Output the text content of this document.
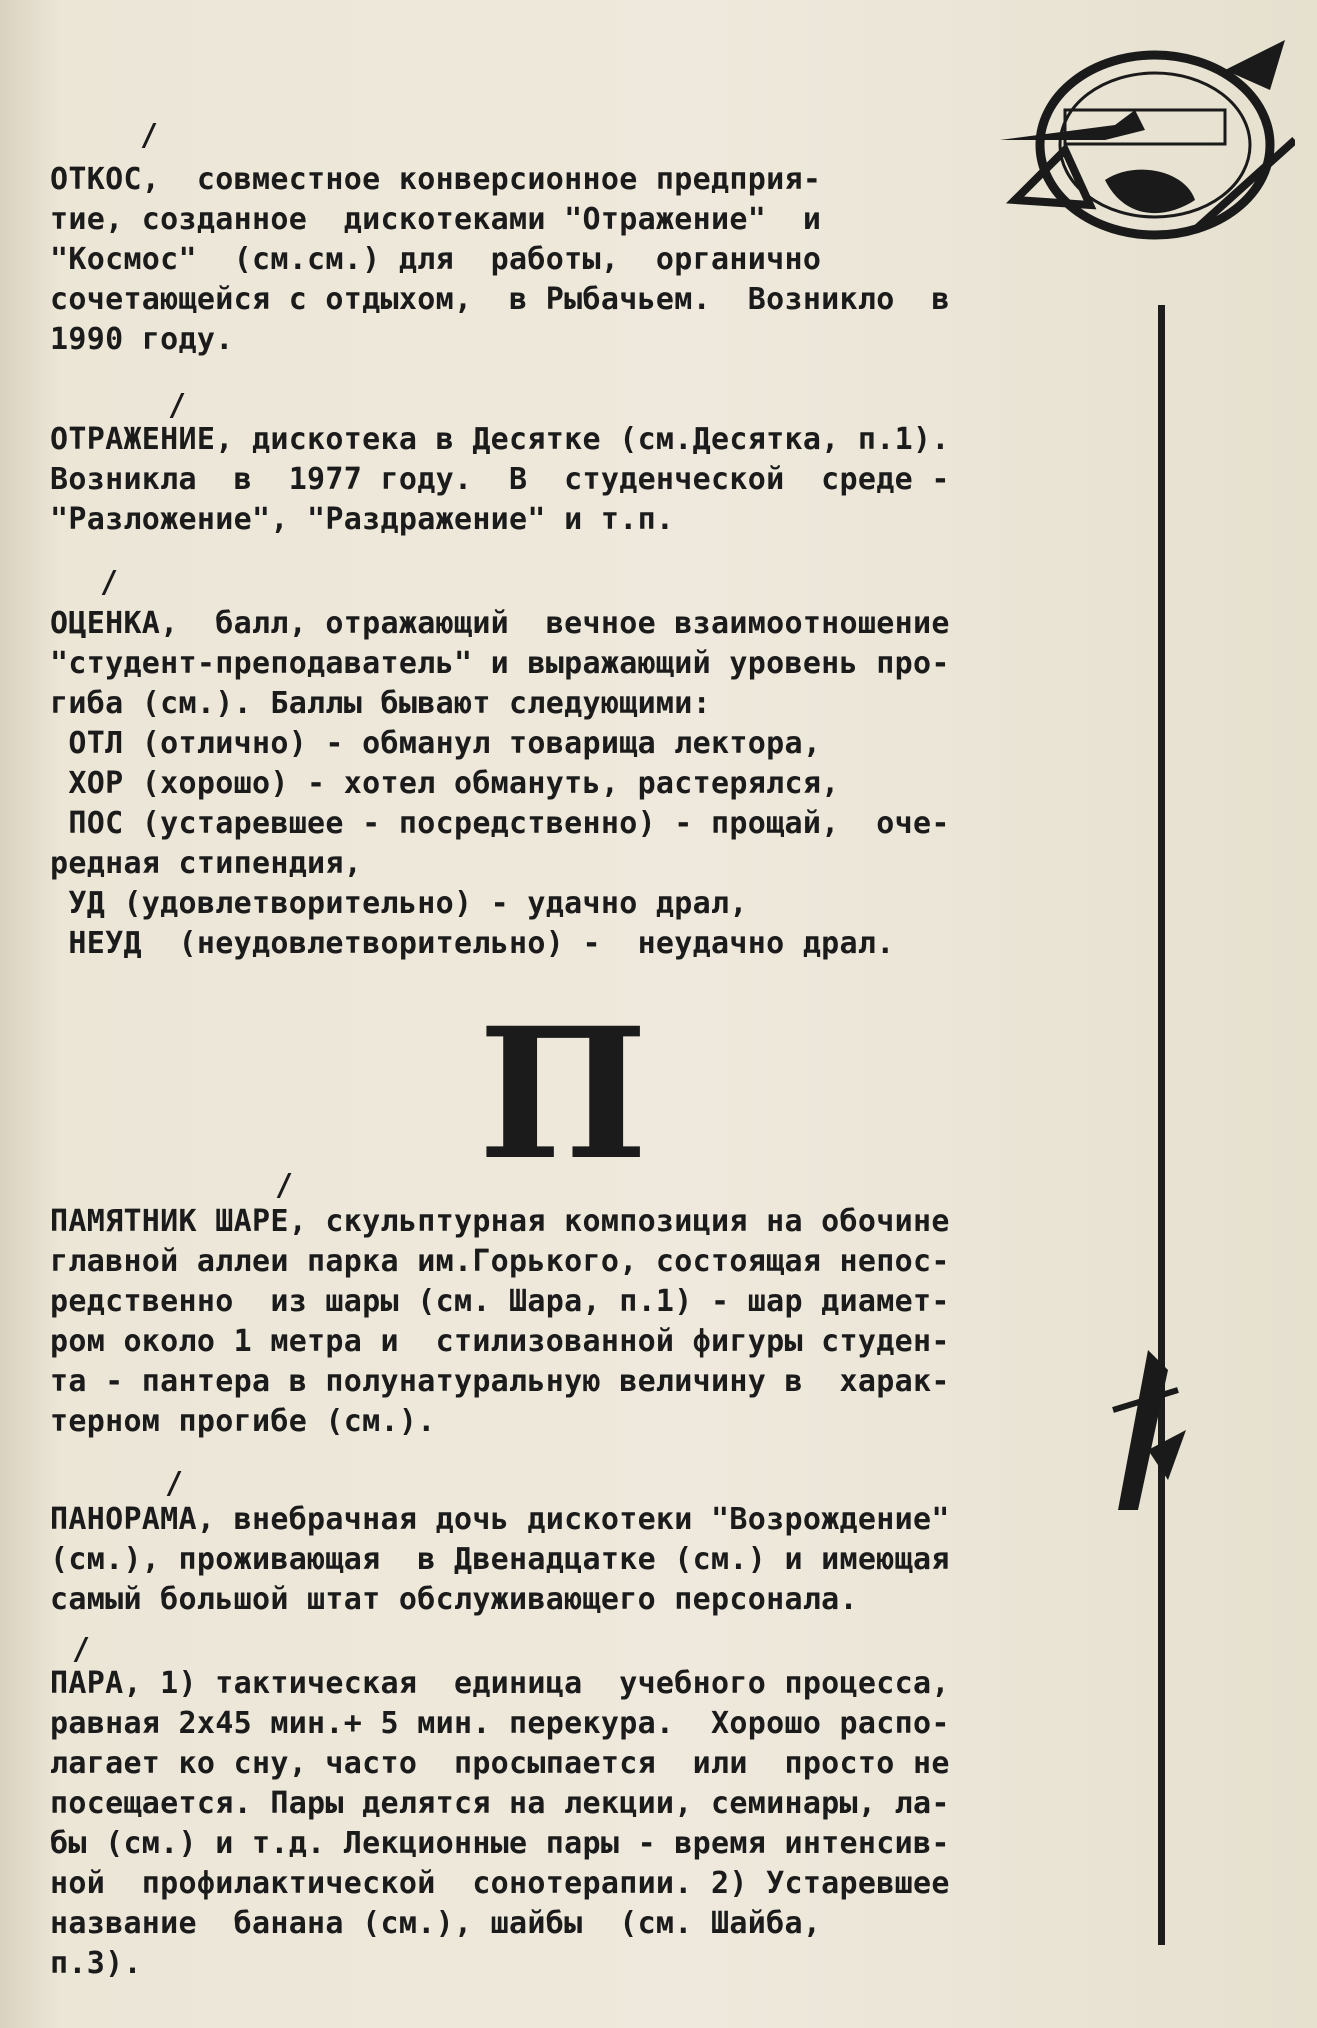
/

ОТКОС,  совместное конверсионное предприя-

тие, созданное  дискотеками "Отражение"  и

"Космос"  (см.см.) для  работы,  органично

сочетающейся с отдыхом,  в Рыбачьем.  Возникло  в

1990 году.

/

ОТРАЖЕНИЕ, дискотека в Десятке (см.Десятка, п.1).

Возникла  в  1977 году.  В  студенческой  среде -

"Разложение", "Раздражение" и т.п.

/

ОЦЕНКА,  балл, отражающий  вечное взаимоотношение

"студент-преподаватель" и выражающий уровень про-

гиба (см.). Баллы бывают следующими:

ОТЛ (отлично) - обманул товарища лектора,

ХОР (хорошо) - хотел обмануть, растерялся,

ПОС (устаревшее - посредственно) - прощай,  оче-

редная стипендия,

УД (удовлетворительно) - удачно драл,

НЕУД  (неудовлетворительно) -  неудачно драл.

П
/

ПАМЯТНИК ШАРЕ, скульптурная композиция на обочине

главной аллеи парка им.Горького, состоящая непос-

редственно  из шары (см. Шара, п.1) - шар диамет-

ром около 1 метра и  стилизованной фигуры студен-

та - пантера в полунатуральную величину в  харак-

терном прогибе (см.).

/

ПАНОРАМА, внебрачная дочь дискотеки "Возрождение"

(см.), проживающая  в Двенадцатке (см.) и имеющая

самый большой штат обслуживающего персонала.

/

ПАРА, 1) тактическая  единица  учебного процесса,

равная 2х45 мин.+ 5 мин. перекура.  Хорошо распо-

лагает ко сну, часто  просыпается  или  просто не

посещается. Пары делятся на лекции, семинары, ла-

бы (см.) и т.д. Лекционные пары - время интенсив-

ной  профилактической  сонотерапии. 2) Устаревшее

название  банана (см.), шайбы  (см. Шайба,

п.3).
